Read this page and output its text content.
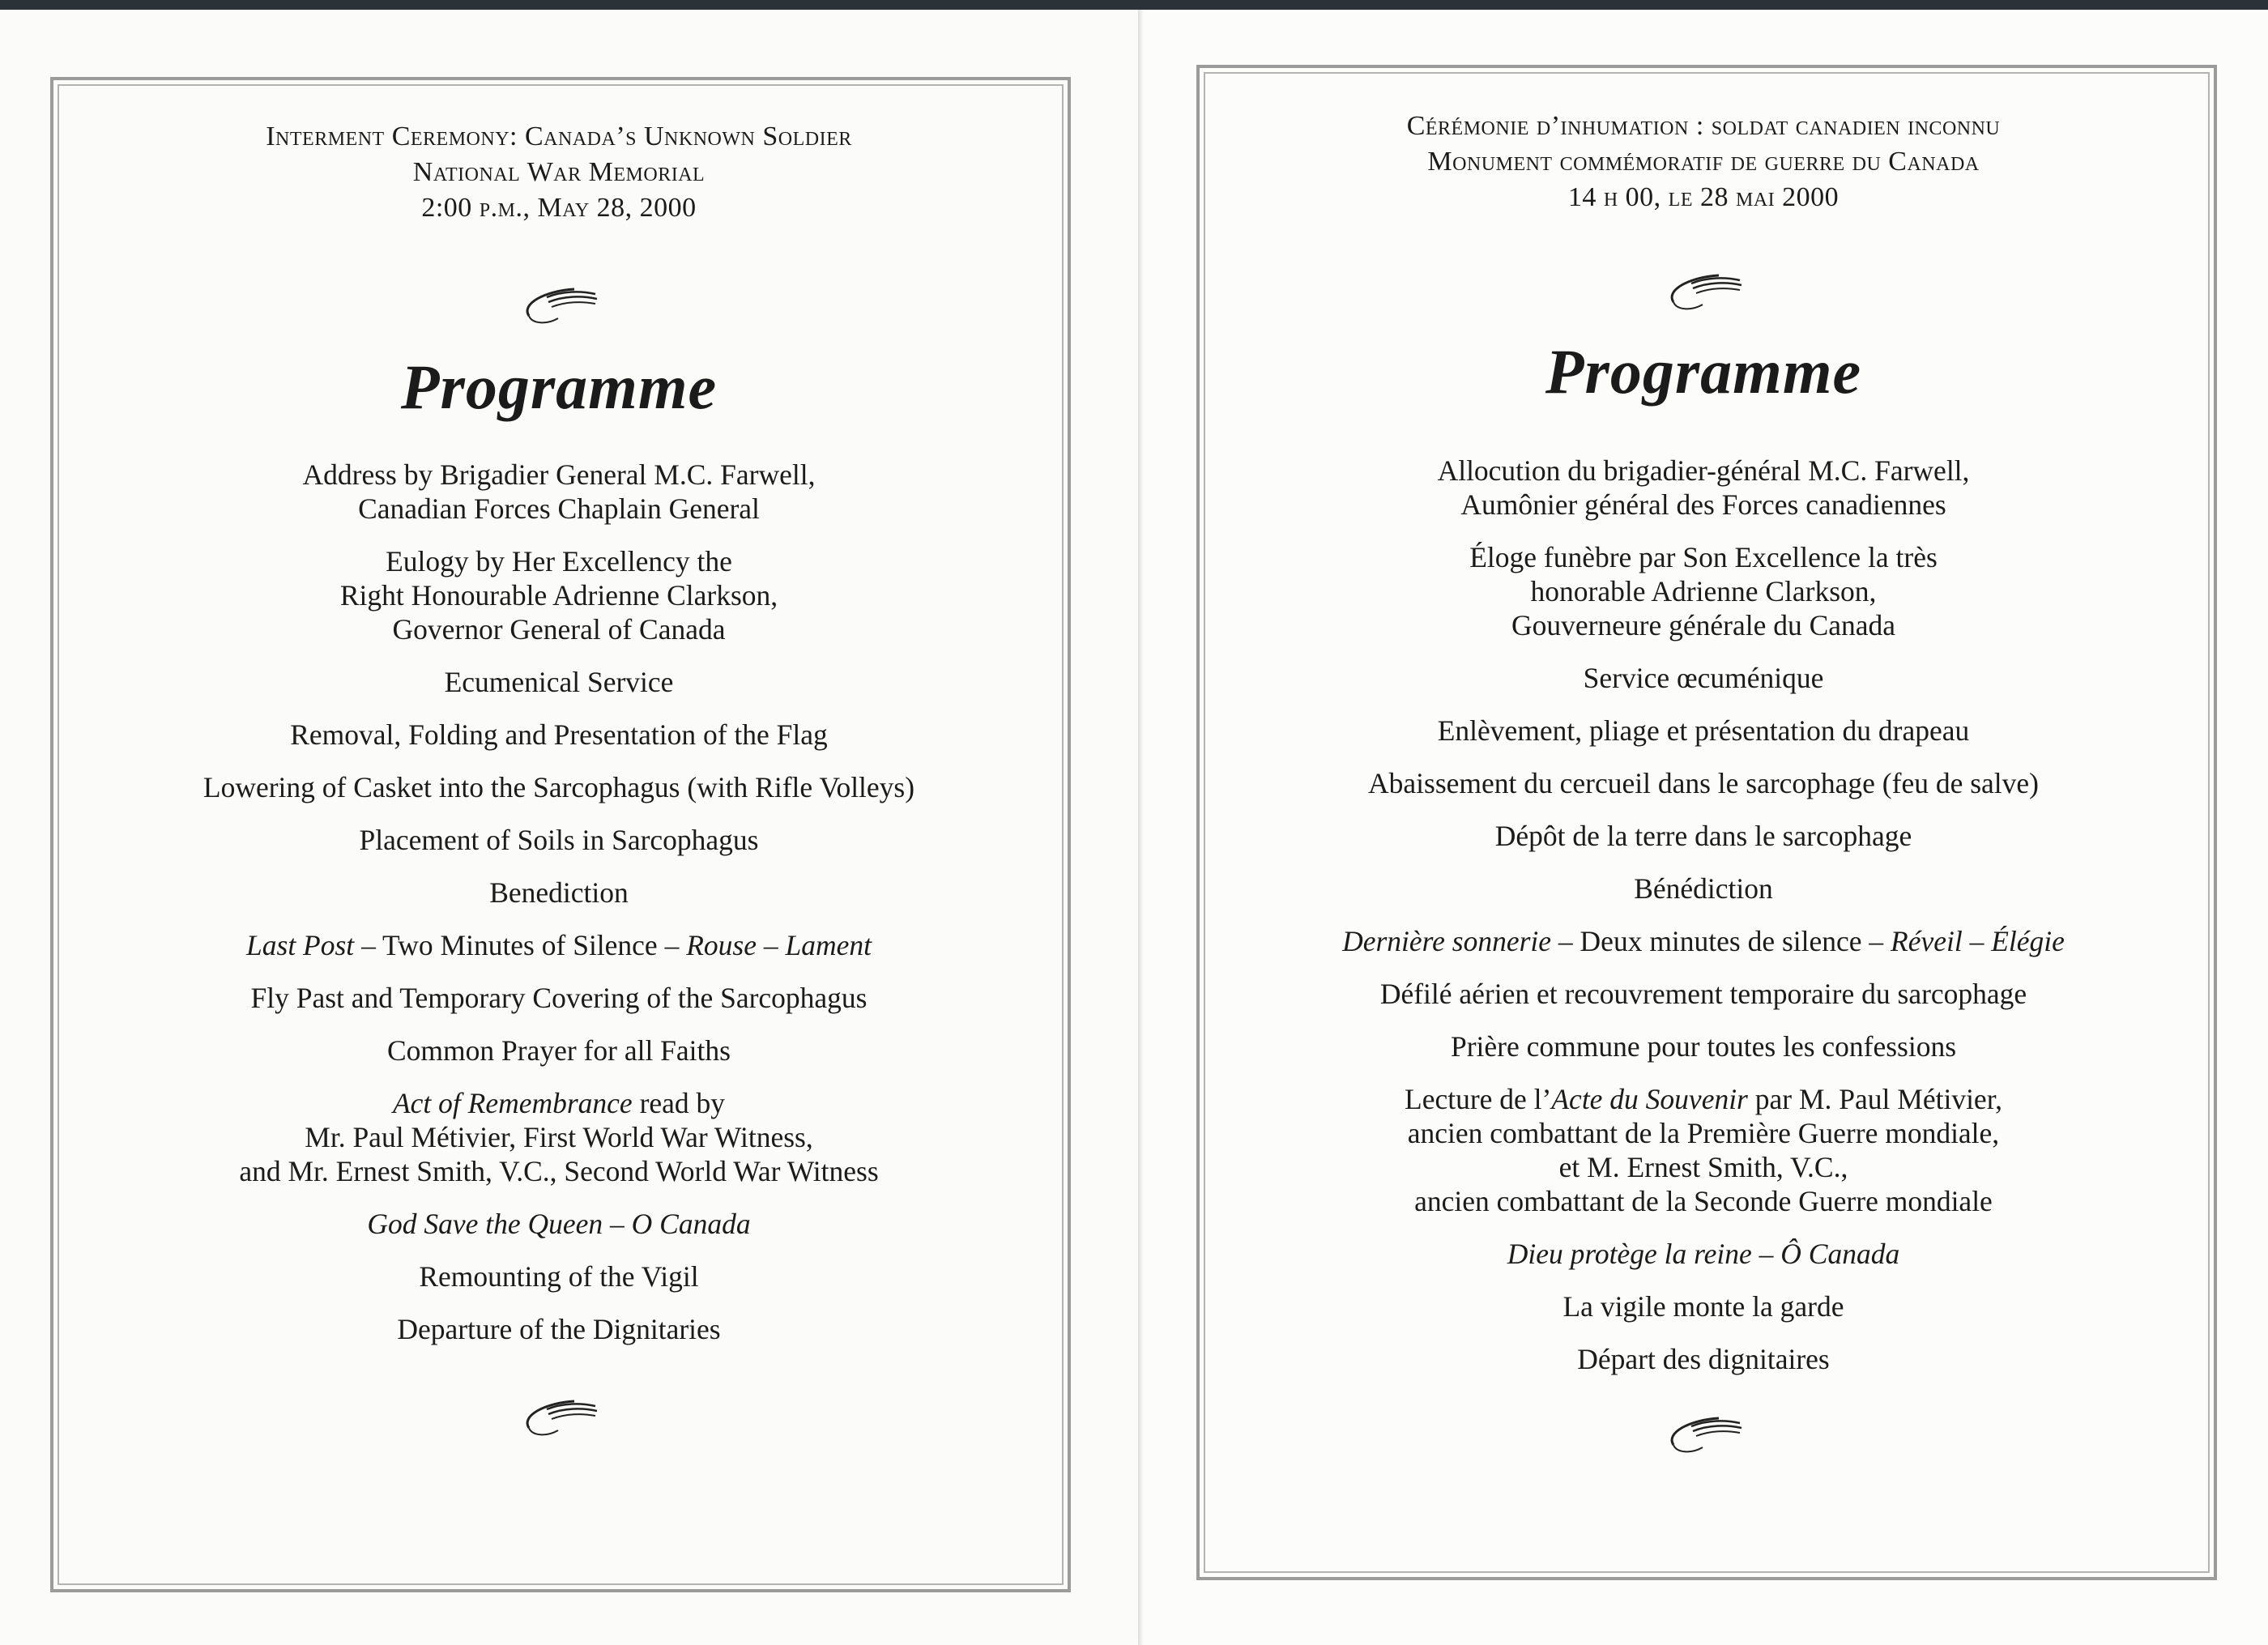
Interment Ceremony: Canada’s Unknown Soldier
National War Memorial
2:00 p.m., May 28, 2000
Programme
Address by Brigadier General M.C. Farwell,
Canadian Forces Chaplain General
Eulogy by Her Excellency the
Right Honourable Adrienne Clarkson,
Governor General of Canada
Ecumenical Service
Removal, Folding and Presentation of the Flag
Lowering of Casket into the Sarcophagus (with Rifle Volleys)
Placement of Soils in Sarcophagus
Benediction
Last Post – Two Minutes of Silence – Rouse – Lament
Fly Past and Temporary Covering of the Sarcophagus
Common Prayer for all Faiths
Act of Remembrance read by
Mr. Paul Métivier, First World War Witness,
and Mr. Ernest Smith, V.C., Second World War Witness
God Save the Queen – O Canada
Remounting of the Vigil
Departure of the Dignitaries
Cérémonie d’inhumation : soldat canadien inconnu
Monument commémoratif de guerre du Canada
14 h 00, le 28 mai 2000
Programme
Allocution du brigadier-général M.C. Farwell,
Aumônier général des Forces canadiennes
Éloge funèbre par Son Excellence la très
honorable Adrienne Clarkson,
Gouverneure générale du Canada
Service œcuménique
Enlèvement, pliage et présentation du drapeau
Abaissement du cercueil dans le sarcophage (feu de salve)
Dépôt de la terre dans le sarcophage
Bénédiction
Dernière sonnerie – Deux minutes de silence – Réveil – Élégie
Défilé aérien et recouvrement temporaire du sarcophage
Prière commune pour toutes les confessions
Lecture de l’Acte du Souvenir par M. Paul Métivier,
ancien combattant de la Première Guerre mondiale,
et M. Ernest Smith, V.C.,
ancien combattant de la Seconde Guerre mondiale
Dieu protège la reine – Ô Canada
La vigile monte la garde
Départ des dignitaires
